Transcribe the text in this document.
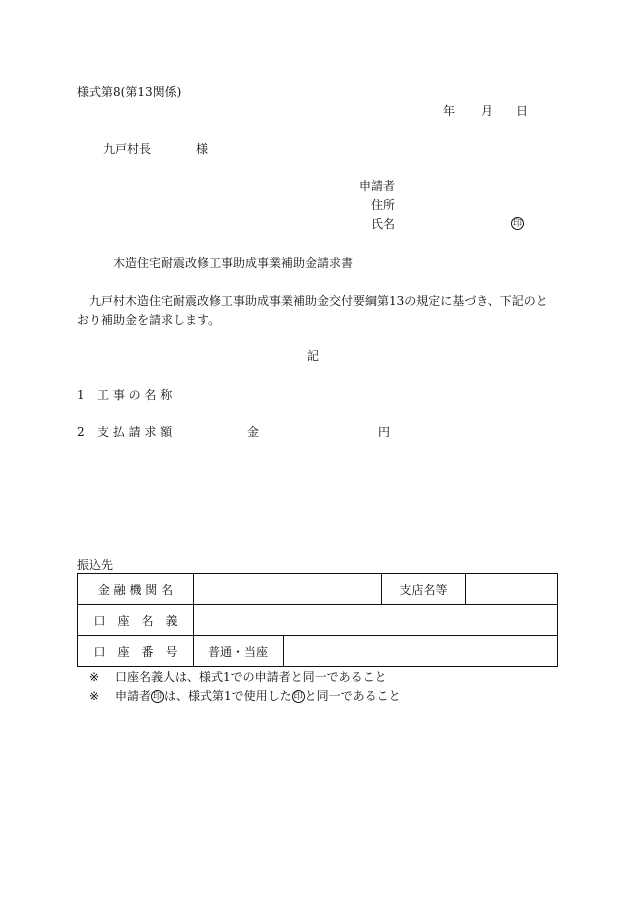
様式第8(第13関係)
年 月 日
九戸村長	様
申請者
住所
氏名	印
木造住宅耐震改修工事助成事業補助金請求書
九戸村木造住宅耐震改修工事助成事業補助金交付要綱第13の規定に基づき、下記のとおり補助金を請求します。
記
1 工 事 の 名 称
2 支 払 請 求 額	金	円
振込先
金 融 機 関 名			支店名等	
口　座　名　義				
口　座　番　号	普通・当座			
※ 口座名義人は、様式1での申請者と同一であること
※ 申請者 印 は、様式第1で使用した 印 と同一であること
